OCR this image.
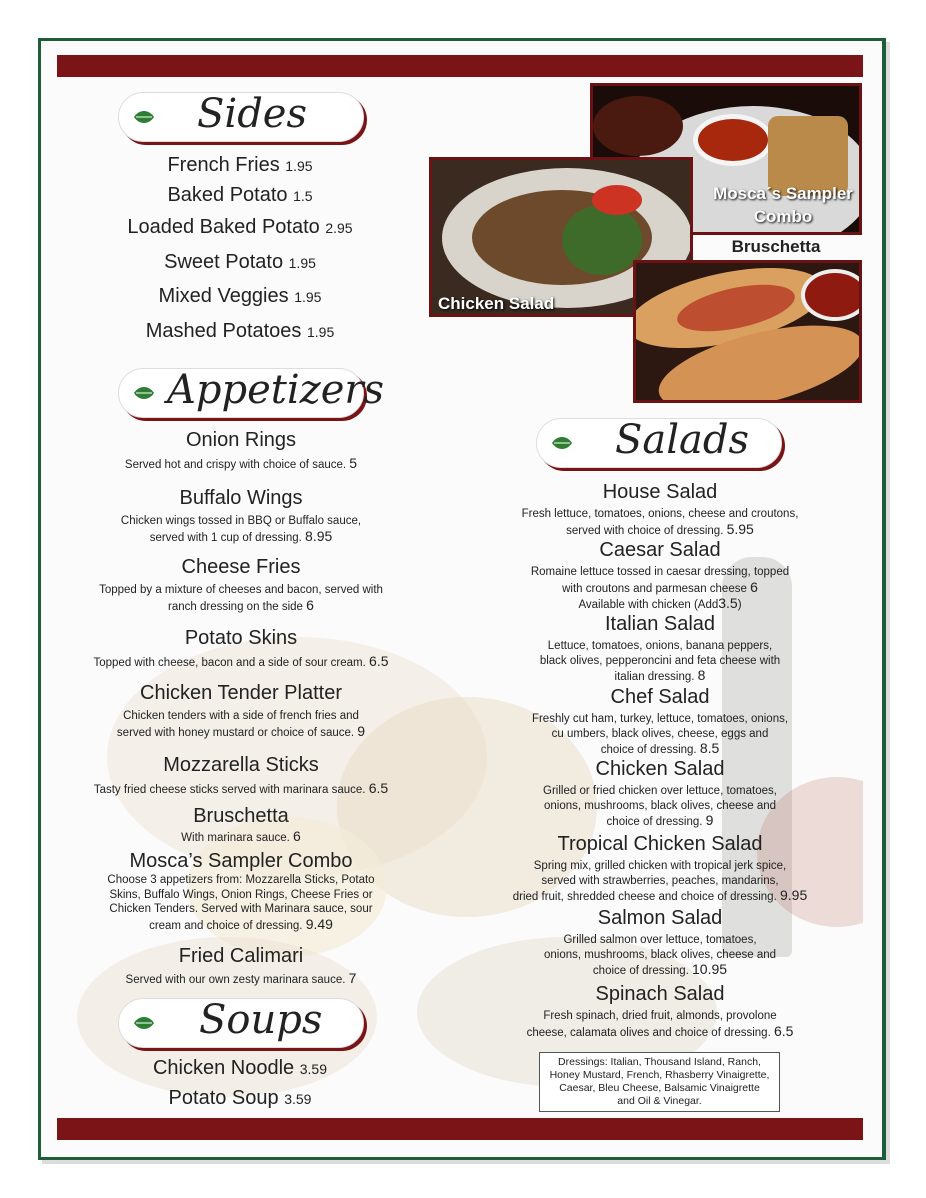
Sides
Appetizers
Soups
Salads
French Fries 1.95
Baked Potato 1.5
Loaded Baked Potato 2.95
Sweet Potato 1.95
Mixed Veggies 1.95
Mashed Potatoes 1.95
Onion Rings
Served hot and crispy with choice of sauce. 5
Buffalo Wings
Chicken wings tossed in BBQ or Buffalo sauce,
served with 1 cup of dressing. 8.95
Cheese Fries
Topped by a mixture of cheeses and bacon, served with
ranch dressing on the side 6
Potato Skins
Topped with cheese, bacon and a side of sour cream. 6.5
Chicken Tender Platter
Chicken tenders with a side of french fries and
served with honey mustard or choice of sauce. 9
Mozzarella Sticks
Tasty fried cheese sticks served with marinara sauce. 6.5
Bruschetta
With marinara sauce. 6
Mosca’s Sampler Combo
Choose 3 appetizers from: Mozzarella Sticks, Potato
Skins, Buffalo Wings, Onion Rings, Cheese Fries or
Chicken Tenders. Served with Marinara sauce, sour
cream and choice of dressing. 9.49
Fried Calimari
Served with our own zesty marinara sauce. 7
Chicken Noodle 3.59
Potato Soup 3.59
Mosca´s Sampler
Combo
Bruschetta
Chicken Salad
House Salad
Fresh lettuce, tomatoes, onions, cheese and croutons,
served with choice of dressing. 5.95
Caesar Salad
Romaine lettuce tossed in caesar dressing, topped
with croutons and parmesan cheese 6
Available with chicken (Add3.5)
Italian Salad
Lettuce, tomatoes, onions, banana peppers,
black olives, pepperoncini and feta cheese with
italian dressing. 8
Chef Salad
Freshly cut ham, turkey, lettuce, tomatoes, onions,
cu umbers, black olives, cheese, eggs and
choice of dressing. 8.5
Chicken Salad
Grilled or fried chicken over lettuce, tomatoes,
onions, mushrooms, black olives, cheese and
choice of dressing. 9
Tropical Chicken Salad
Spring mix, grilled chicken with tropical jerk spice,
served with strawberries, peaches, mandarins,
dried fruit, shredded cheese and choice of dressing. 9.95
Salmon Salad
Grilled salmon over lettuce, tomatoes,
onions, mushrooms, black olives, cheese and
choice of dressing. 10.95
Spinach Salad
Fresh spinach, dried fruit, almonds, provolone
cheese, calamata olives and choice of dressing. 6.5
Dressings: Italian, Thousand Island, Ranch,
Honey Mustard, French, Rhasberry Vinaigrette,
Caesar, Bleu Cheese, Balsamic Vinaigrette
and Oil & Vinegar.
